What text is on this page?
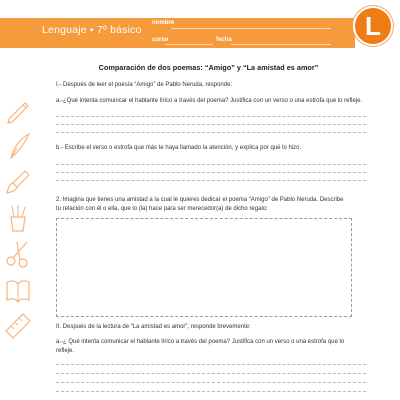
Lenguaje • 7º básico
nombre
curso	fecha	L
Comparación de dos poemas: “Amigo” y “La amistad es amor”
I.- Después de leer el poesía “Amigo” de Pablo Neruda, responde:
a.-¿Qué intenta comunicar el hablante lírico a través del poema? Justifica con un verso o una estrofa que lo refleje.
b.- Escribe el verso o estrofa que más te haya llamado la atención, y explica por qué lo hizo.
2. Imagina que tienes una amistad a la cual le quieres dedicar el poema “Amigo” de Pablo Neruda. Describe
tu relación con él o ella, que lo (la) hace para ser merecedor(a) de dicho regalo:
II. Después de la lectura de “La amistad es amor”, responde brevemente:
a.-¿ Qué intenta comunicar el hablante lírico a través del poema? Justifica con un verso o una estrofa que lo
refleje.
